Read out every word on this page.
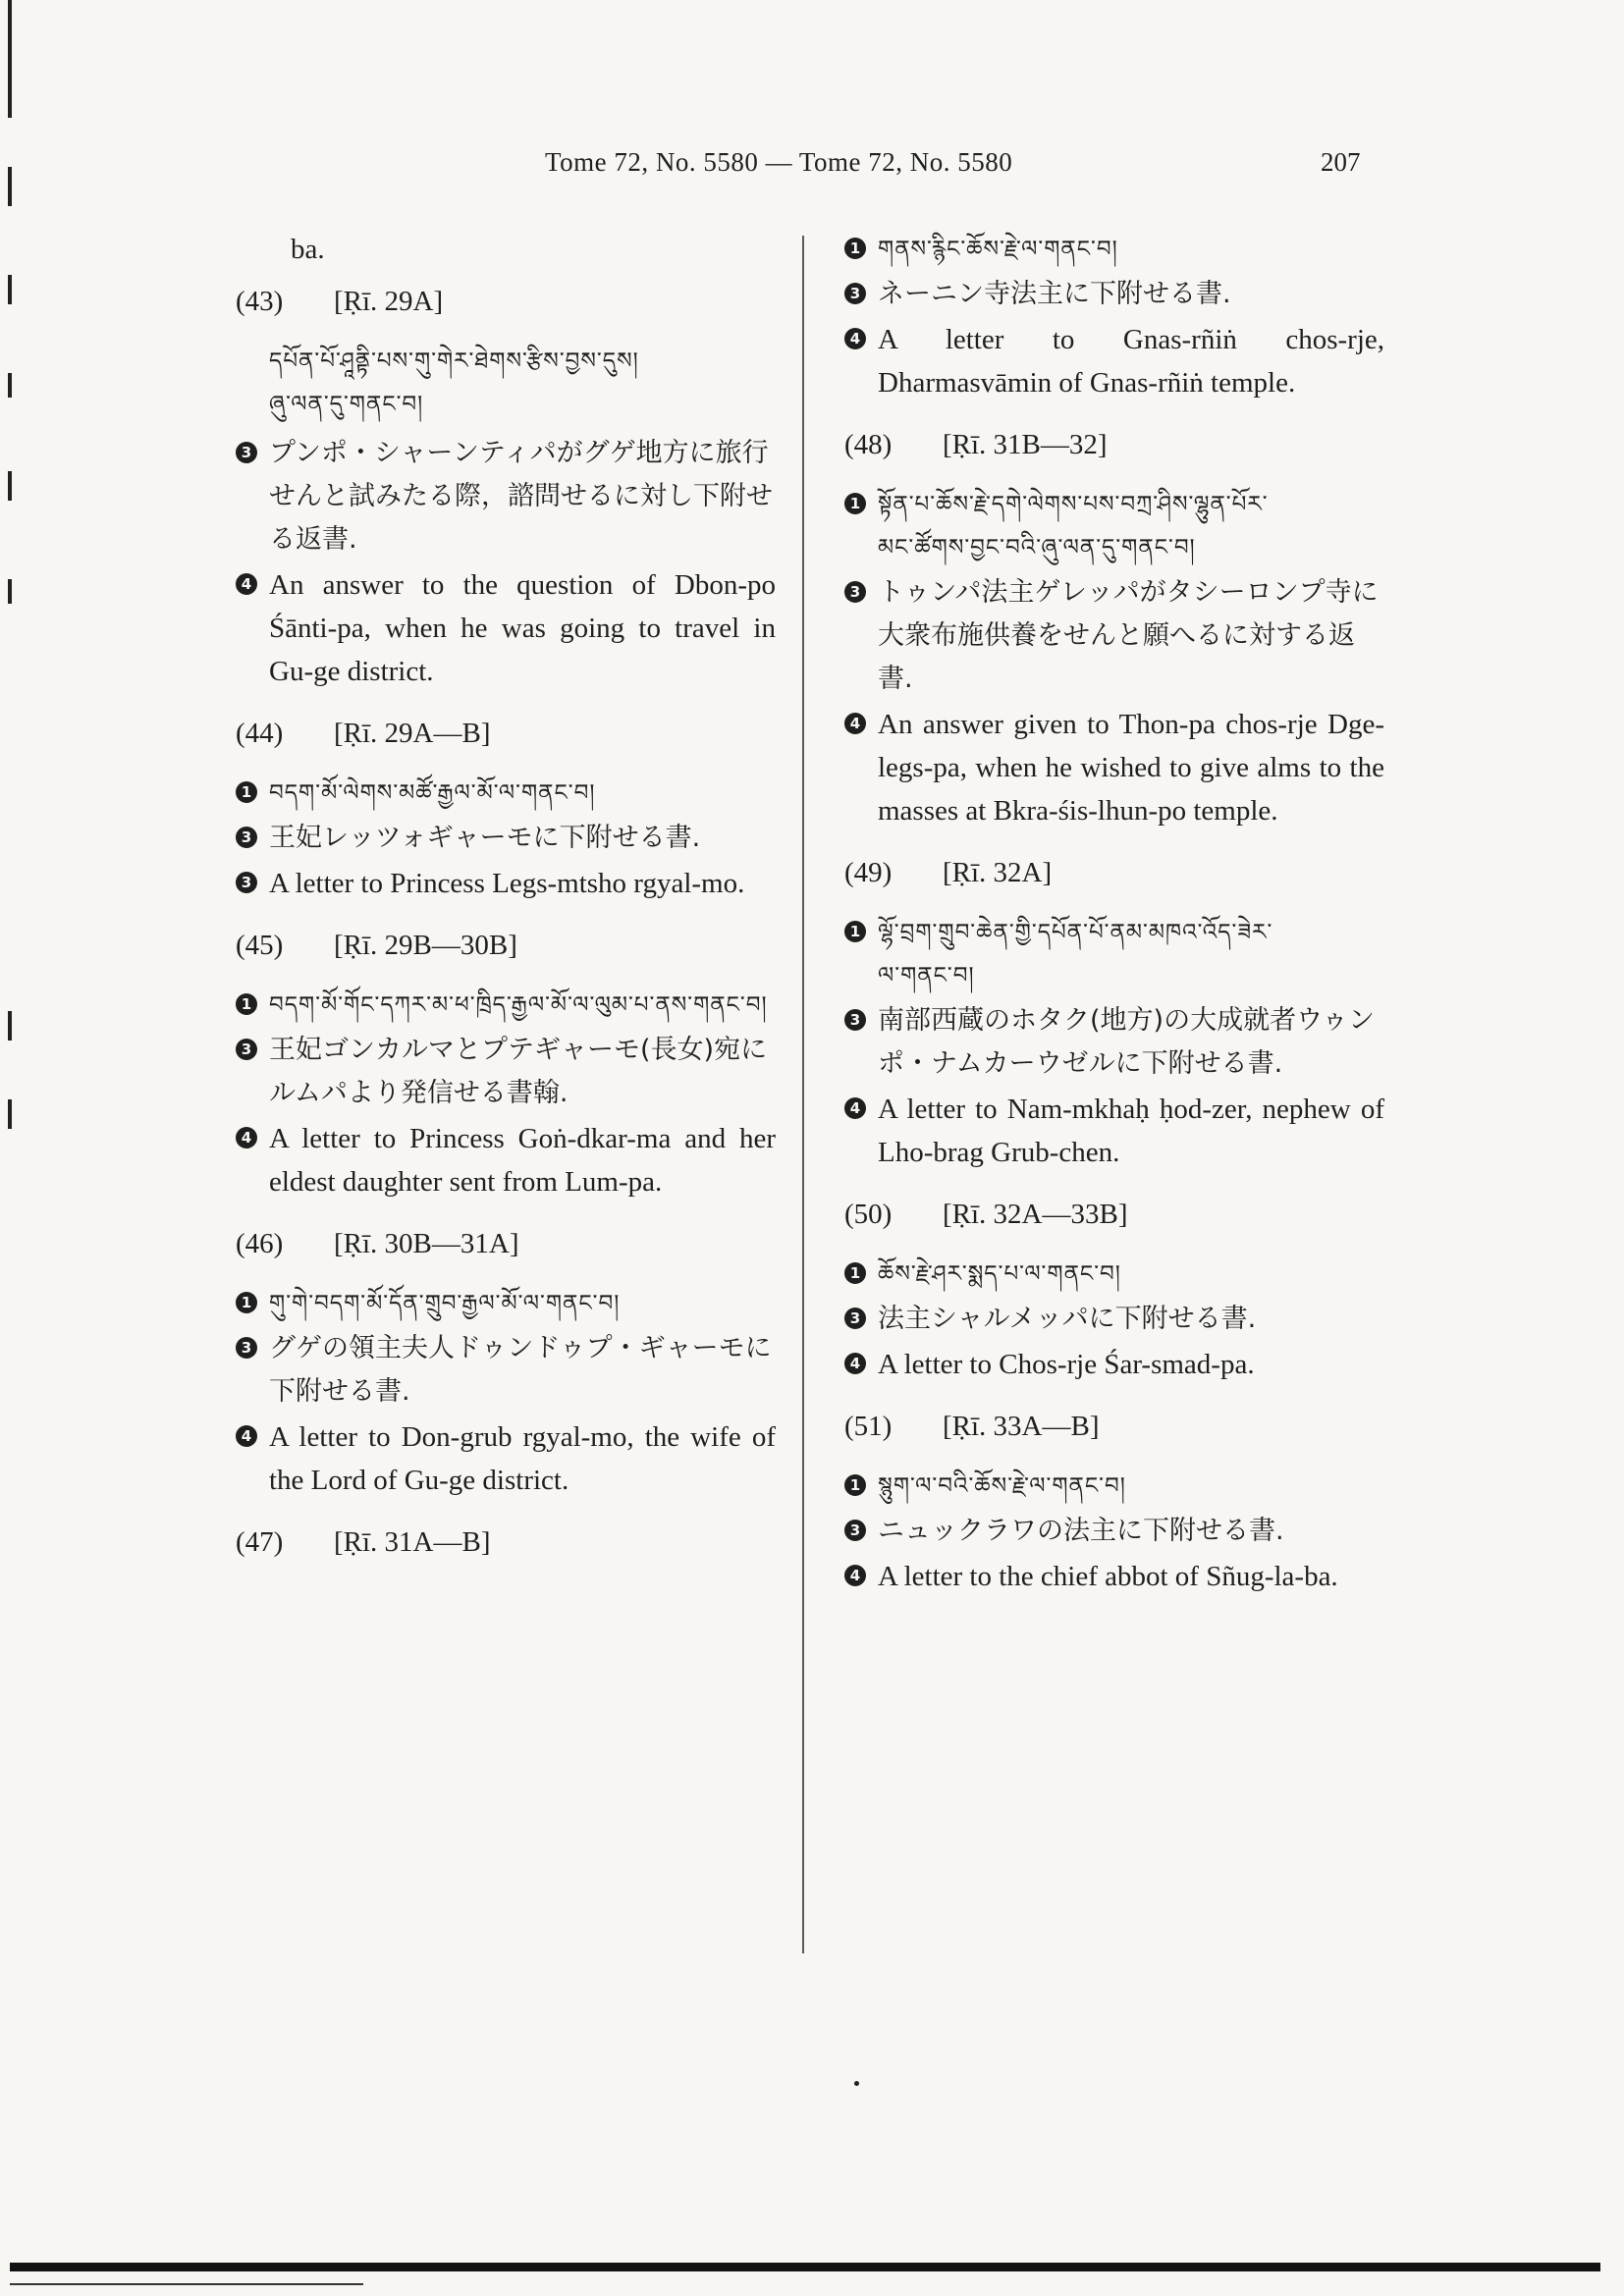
Tome 72, No. 5580 — Tome 72, No. 5580	207
ba.
(43)	[Ṛī. 29A]
དཔོན་པོ་ཤཱནྟི་པས་གུ་གེར་ཐེགས་རྩིས་བྱས་དུས།
ཞུ་ལན་དུ་གནང་བ།
3 プンポ・シャーンティパがグゲ地方に旅行せんと試みたる際，諮問せるに対し下附せる返書.
4 An answer to the question of Dbon-po Śānti-pa, when he was going to travel in Gu-ge district.
(44)	[Ṛī. 29A—B]
1 བདག་མོ་ལེགས་མཚོ་རྒྱལ་མོ་ལ་གནང་བ།
3 王妃レッツォギャーモに下附せる書.
3 A letter to Princess Legs-mtsho rgyal-mo.
(45)	[Ṛī. 29B—30B]
1 བདག་མོ་གོང་དཀར་མ་ཕ་ཁྲིད་རྒྱལ་མོ་ལ་ལུམ་པ་ནས་གནང་བ།
3 王妃ゴンカルマとプテギャーモ(長女)宛にルムパより発信せる書翰.
4 A letter to Princess Goṅ-dkar-ma and her eldest daughter sent from Lum-pa.
(46)	[Ṛī. 30B—31A]
1 གུ་གེ་བདག་མོ་དོན་གྲུབ་རྒྱལ་མོ་ལ་གནང་བ།
3 グゲの領主夫人ドゥンドゥプ・ギャーモに下附せる書.
4 A letter to Don-grub rgyal-mo, the wife of the Lord of Gu-ge district.
(47)	[Ṛī. 31A—B]
1 གནས་རྙིང་ཆོས་རྗེ་ལ་གནང་བ།
3 ネーニン寺法主に下附せる書.
4 A letter to Gnas-rñiṅ chos-rje, Dharmasvāmin of Gnas-rñiṅ temple.
(48)	[Ṛī. 31B—32]
1 སྟོན་པ་ཆོས་རྗེ་དགེ་ལེགས་པས་བཀྲ་ཤིས་ལྷུན་པོར་
མང་ཚོགས་བྱང་བའི་ཞུ་ལན་དུ་གནང་བ།
3 トゥンパ法主ゲレッパがタシーロンプ寺に大衆布施供養をせんと願へるに対する返書.
4 An answer given to Thon-pa chos-rje Dge-legs-pa, when he wished to give alms to the masses at Bkra-śis-lhun-po temple.
(49)	[Ṛī. 32A]
1 ལྷོ་བྲག་གྲུབ་ཆེན་གྱི་དཔོན་པོ་ནམ་མཁའ་འོད་ཟེར་
ལ་གནང་བ།
3 南部西蔵のホタク(地方)の大成就者ウゥンポ・ナムカーウゼルに下附せる書.
4 A letter to Nam-mkhaḥ ḥod-zer, nephew of Lho-brag Grub-chen.
(50)	[Ṛī. 32A—33B]
1 ཆོས་རྗེ་ཤར་སྨད་པ་ལ་གནང་བ།
3 法主シャルメッパに下附せる書.
4 A letter to Chos-rje Śar-smad-pa.
(51)	[Ṛī. 33A—B]
1 སྙུག་ལ་བའི་ཆོས་རྗེ་ལ་གནང་བ།
3 ニュックラワの法主に下附せる書.
4 A letter to the chief abbot of Sñug-la-ba.
